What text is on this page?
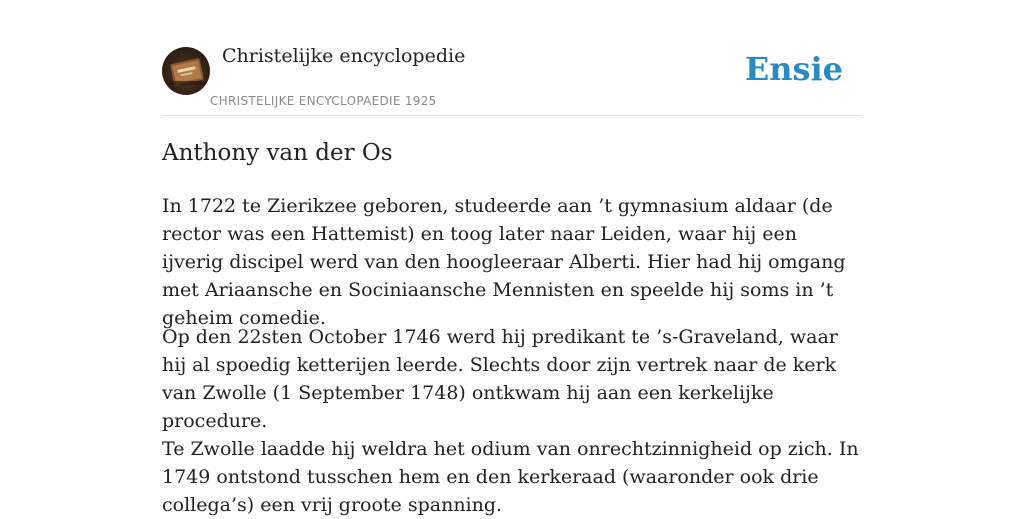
Christelijke encyclopedie
CHRISTELIJKE ENCYCLOPAEDIE 1925
Ensie
Anthony van der Os

In 1722 te Zierikzee geboren, studeerde aan ’t gymnasium aldaar (de rector was een Hattemist) en toog later naar Leiden, waar hij een ijverig discipel werd van den hoogleeraar Alberti. Hier had hij omgang met Ariaansche en Sociniaansche Mennisten en speelde hij soms in ’t geheim comedie.

Op den 22sten October 1746 werd hij predikant te ’s-Graveland, waar hij al spoedig ketterijen leerde. Slechts door zijn vertrek naar de kerk van Zwolle (1 September 1748) ontkwam hij aan een kerkelijke procedure.

Te Zwolle laadde hij weldra het odium van onrechtzinnigheid op zich. In 1749 ontstond tusschen hem en den kerkeraad (waaronder ook drie collega’s) een vrij groote spanning.
